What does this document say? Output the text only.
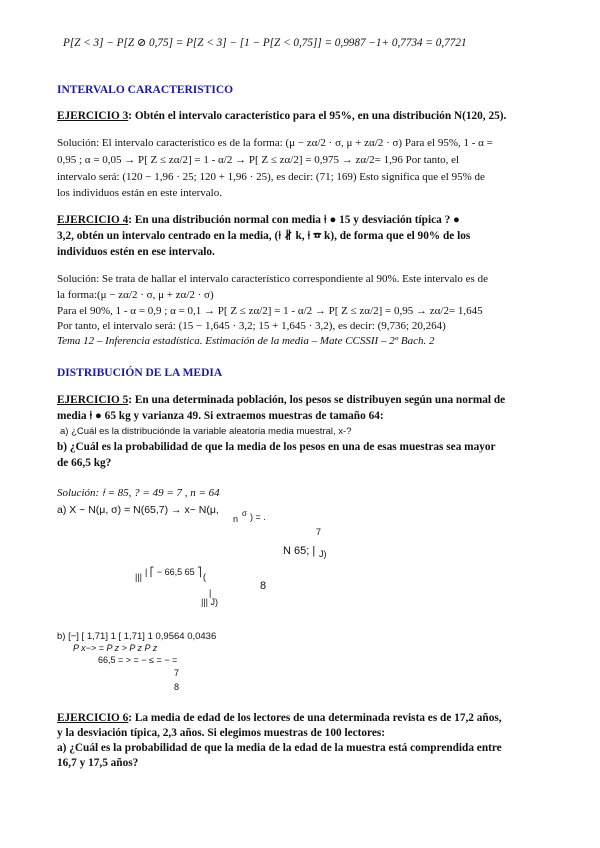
P[Z < 3] − P[Z ⊘ 0,75] = P[Z < 3] − [1 − P[Z < 0,75]] = 0,9987 −1+ 0,7734 = 0,7721
INTERVALO CARACTERISTICO
EJERCICIO 3: Obtén el intervalo característico para el 95%, en una distribución N(120, 25).
Solución: El intervalo característico es de la forma: (μ − zα/2 · σ, μ + zα/2 · σ) Para el 95%, 1 - α =
0,95 ; α = 0,05 → P[ Z ≤ zα/2] = 1 - α/2 → P[ Z ≤ zα/2] = 0,975 → zα/2= 1,96 Por tanto, el
intervalo será: (120 − 1,96 · 25; 120 + 1,96 · 25), es decir: (71; 169) Esto significa que el 95% de
los individuos están en este intervalo.
EJERCICIO 4: En una distribución normal con media ⍿ ● 15 y desviación típica ? ●
3,2, obtén un intervalo centrado en la media, (⍿ ∦ k, ⍿ ☎ k), de forma que el 90% de los
individuos estén en ese intervalo.
Solución: Se trata de hallar el intervalo característico correspondiente al 90%. Este intervalo es de
la forma:(μ − zα/2 · σ, μ + zα/2 · σ)
Para el 90%, 1 - α = 0,9 ; α = 0,1 → P[ Z ≤ zα/2] = 1 - α/2 → P[ Z ≤ zα/2] = 0,95 → zα/2= 1,645
Por tanto, el intervalo será: (15 − 1,645 · 3,2; 15 + 1,645 · 3,2), es decir: (9,736; 20,264)
Tema 12 – Inferencia estadística. Estimación de la media – Mate CCSSII – 2º Bach. 2
DISTRIBUCIÓN DE LA MEDIA
EJERCICIO 5: En una determinada población, los pesos se distribuyen según una normal de
media ⍿ ● 65 kg y varianza 49. Si extraemos muestras de tamaño 64:
a) ¿Cuál es la distribuciónde la variable aleatoria media muestral, x-?
b) ¿Cuál es la probabilidad de que la media de los pesos en una de esas muestras sea mayor
de 66,5 kg?
Solución: ⍿ = 85, ? = 49 = 7 , n = 64
a) X ~ N(μ, σ) = N(65,7) → x~ N(μ,
n
σ ) = .
7
N 65; | J)
||| | ⎡ − 66,5 65 ⎤ (
8
|
||| J)
b) [−] [ 1,71] 1 [ 1,71] 1 0,9564 0,0436
P x−> = P z > P z P z
66,5 = > = − ≤ = − =
7
8
EJERCICIO 6: La media de edad de los lectores de una determinada revista es de 17,2 años,
y la desviación típica, 2,3 años. Si elegimos muestras de 100 lectores:
a) ¿Cuál es la probabilidad de que la media de la edad de la muestra está comprendida entre
16,7 y 17,5 años?
